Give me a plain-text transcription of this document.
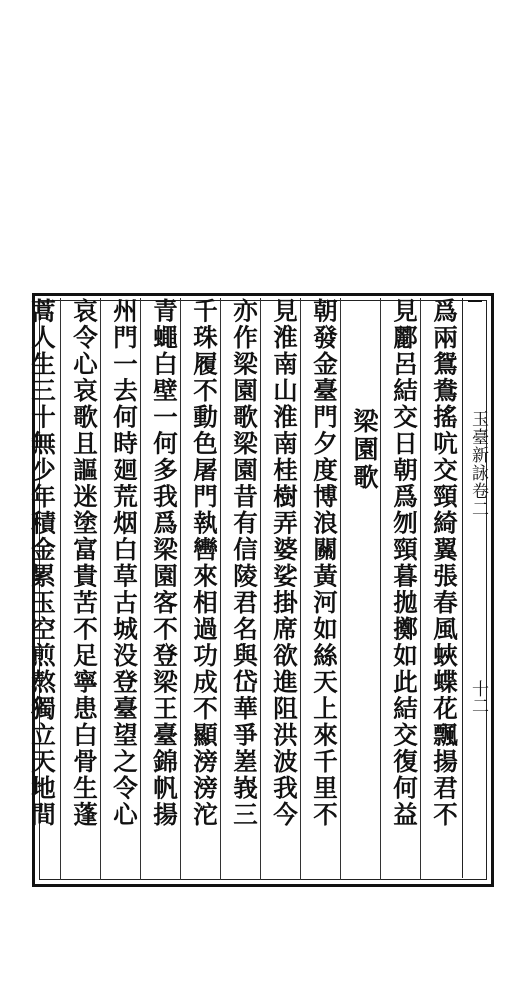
玉臺新詠卷二
十二
爲兩鴛鴦搖吭交頸綺翼張春風蛺蝶花飄揚君不
見酈呂結交日朝爲刎頸暮拋擲如此結交復何益
梁園歌
朝發金臺門夕度博浪關黃河如絲天上來千里不
見淮南山淮南桂樹弄婆娑掛席欲進阻洪波我今
亦作梁園歌梁園昔有信陵君名與岱華爭嵳峩三
千珠履不動色屠門執轡來相過功成不顯滂滂沱
青蠅白壁一何多我爲梁園客不登梁王臺錦帆揚
州門一去何時廻荒烟白草古城没登臺望之令心
哀令心哀歌且謳迷塗富貴苦不足寧患白骨生蓬
蒿人生三十無少年積金累玉空煎熬獨立天地間
